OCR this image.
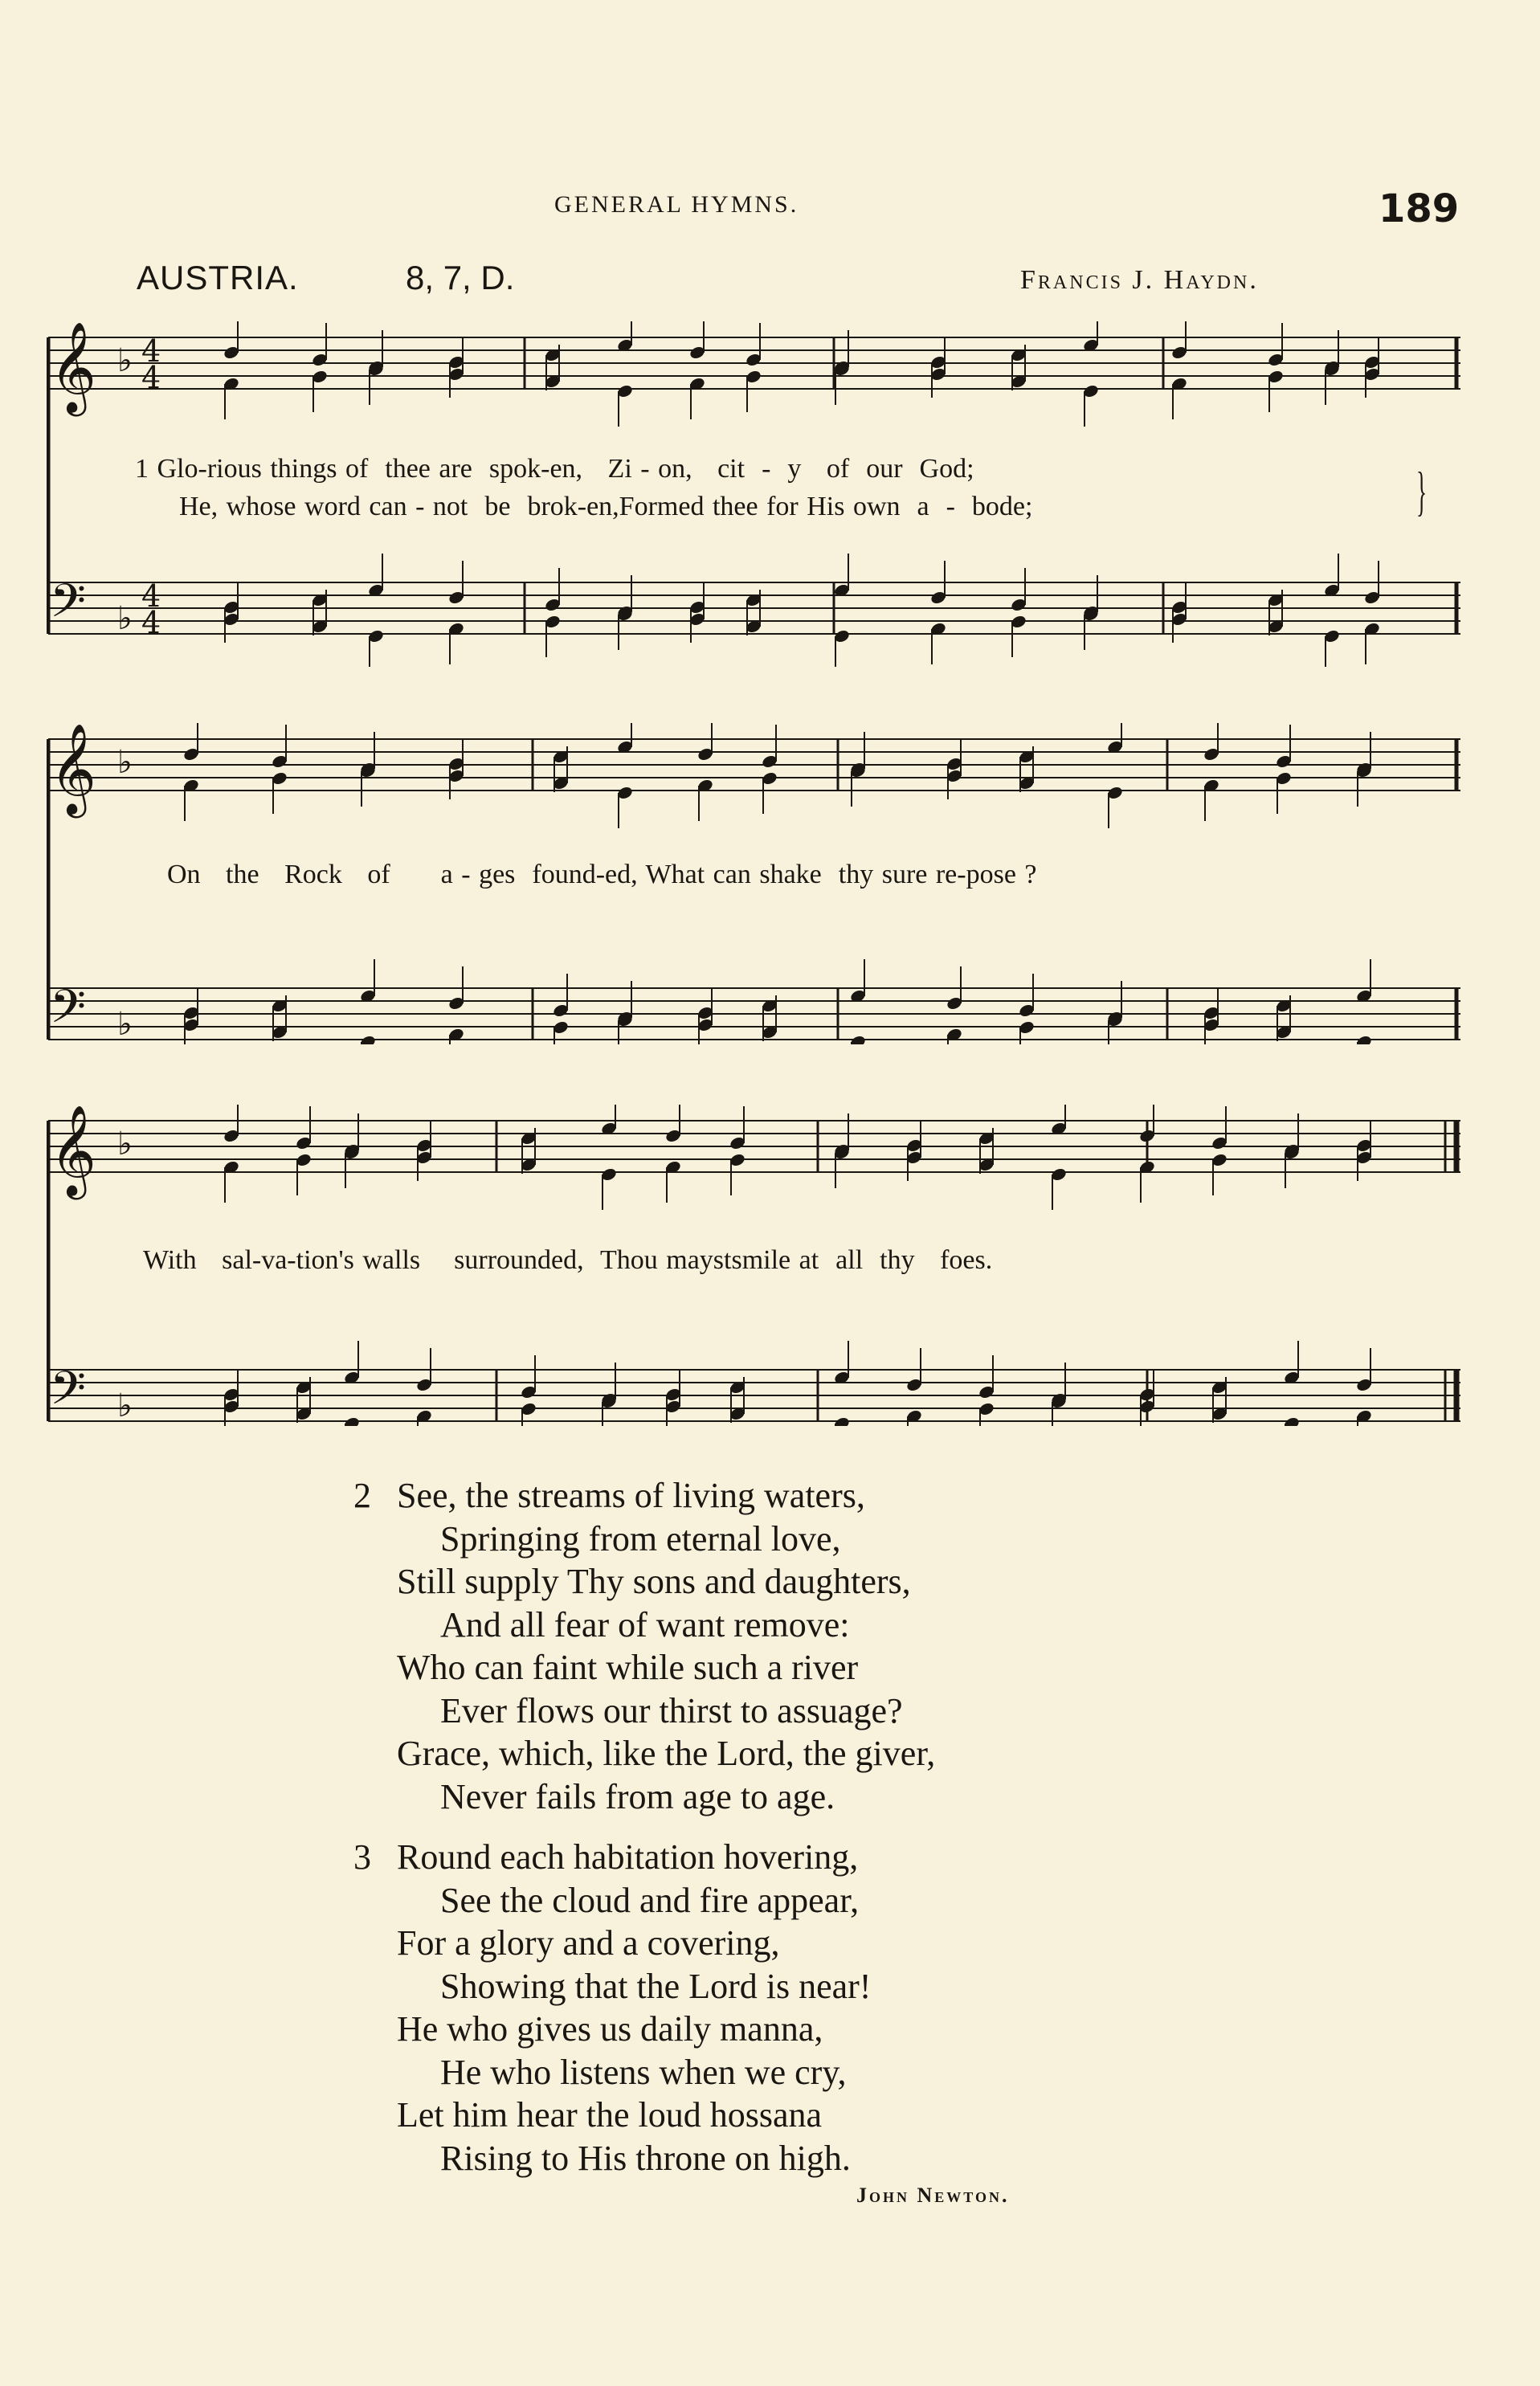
GENERAL HYMNS.	189
AUSTRIA.	8, 7, D.	Francis J. Haydn.
𝄞 ♭ 4
4
𝄢 ♭
4
4
1 Glo-rious things of  thee are  spok-en,   Zi - on,   cit  -  y   of  our  God;
He, whose word can - not  be  brok-en,Formed thee for His own  a  -  bode;	}
𝄞 ♭
𝄢 ♭
On   the   Rock   of      a - ges  found-ed, What can shake  thy sure re-pose ?
𝄞 ♭
𝄢 ♭
With   sal-va-tion's walls    surrounded,  Thou maystsmile at  all  thy   foes.
2 See, the streams of living waters,
Springing from eternal love,
Still supply Thy sons and daughters,
And all fear of want remove:
Who can faint while such a river
Ever flows our thirst to assuage?
Grace, which, like the Lord, the giver,
Never fails from age to age.
3 Round each habitation hovering,
See the cloud and fire appear,
For a glory and a covering,
Showing that the Lord is near!
He who gives us daily manna,
He who listens when we cry,
Let him hear the loud hossana
Rising to His throne on high.
John Newton.
